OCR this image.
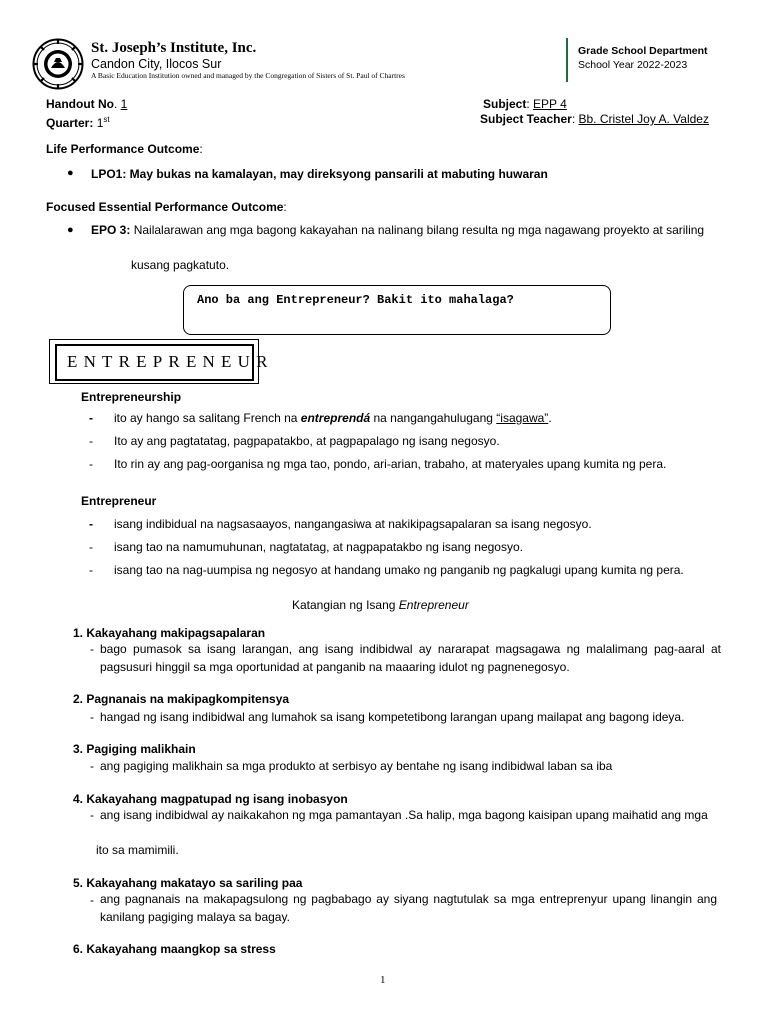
St. Joseph’s Institute, Inc.
Candon City, Ilocos Sur
A Basic Education Institution owned and managed by the Congregation of Sisters of St. Paul of Chartres
Grade School Department
School Year 2022-2023
Handout No. 1
Quarter: 1st
Subject: EPP 4
Subject Teacher: Bb. Cristel Joy A. Valdez
Life Performance Outcome:
● LPO1: May bukas na kamalayan, may direksyong pansarili at mabuting huwaran
Focused Essential Performance Outcome:
● EPO 3: Nailalarawan ang mga bagong kakayahan na nalinang bilang resulta ng mga nagawang proyekto at sariling
kusang pagkatuto.
Ano ba ang Entrepreneur? Bakit ito mahalaga?
ENTREPRENEUR
Entrepreneurship
- ito ay hango sa salitang French na entreprendá na nangangahulugang “isagawa”.
- Ito ay ang pagtatatag, pagpapatakbo, at pagpapalago ng isang negosyo.
- Ito rin ay ang pag-oorganisa ng mga tao, pondo, ari-arian, trabaho, at materyales upang kumita ng pera.
Entrepreneur
- isang indibidual na nagsasaayos, nangangasiwa at nakikipagsapalaran sa isang negosyo.
- isang tao na namumuhunan, nagtatatag, at nagpapatakbo ng isang negosyo.
- isang tao na nag-uumpisa ng negosyo at handang umako ng panganib ng pagkalugi upang kumita ng pera.
Katangian ng Isang Entrepreneur
1. Kakayahang makipagsapalaran
- bago pumasok sa isang larangan, ang isang indibidwal ay nararapat magsagawa ng malalimang pag-aaral at pagsusuri hinggil sa mga oportunidad at panganib na maaaring idulot ng pagnenegosyo.
2. Pagnanais na makipagkompitensya
- hangad ng isang indibidwal ang lumahok sa isang kompetetibong larangan upang mailapat ang bagong ideya.
3. Pagiging malikhain
- ang pagiging malikhain sa mga produkto at serbisyo ay bentahe ng isang indibidwal laban sa iba
4. Kakayahang magpatupad ng isang inobasyon
- ang isang indibidwal ay naikakahon ng mga pamantayan .Sa halip, mga bagong kaisipan upang maihatid ang mga
ito sa mamimili.
5. Kakayahang makatayo sa sariling paa
- ang pagnanais na makapagsulong ng pagbabago ay siyang nagtutulak sa mga entreprenyur upang linangin ang kanilang pagiging malaya sa bagay.
6. Kakayahang maangkop sa stress
1
